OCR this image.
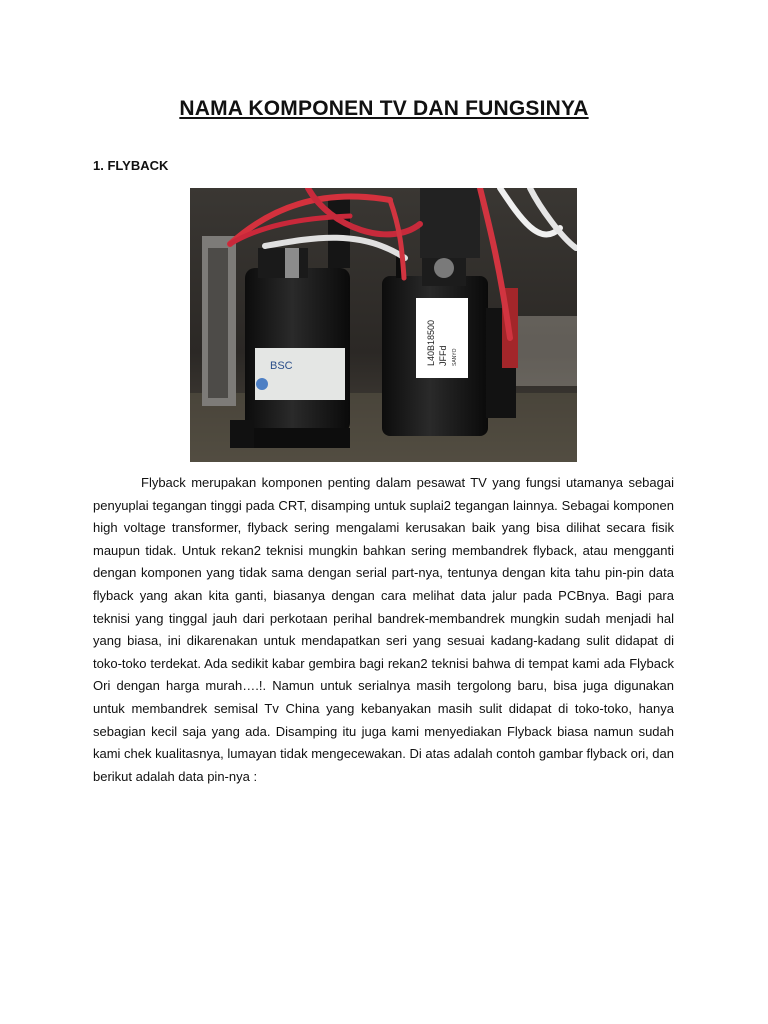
NAMA KOMPONEN TV DAN FUNGSINYA
1. FLYBACK
BSC	L40B18500 JFFd SANYO

Flyback merupakan komponen penting dalam pesawat TV yang fungsi utamanya sebagai penyuplai tegangan tinggi pada CRT, disamping untuk suplai2 tegangan lainnya. Sebagai komponen high voltage transformer, flyback sering mengalami kerusakan baik yang bisa dilihat secara fisik maupun tidak. Untuk rekan2 teknisi mungkin bahkan sering membandrek flyback, atau mengganti dengan komponen yang tidak sama dengan serial part-nya, tentunya dengan kita tahu pin-pin data flyback yang akan kita ganti, biasanya dengan cara melihat data jalur pada PCBnya. Bagi para teknisi yang tinggal jauh dari perkotaan perihal bandrek-membandrek mungkin sudah menjadi hal yang biasa, ini dikarenakan untuk mendapatkan seri yang sesuai kadang-kadang sulit didapat di toko-toko terdekat. Ada sedikit kabar gembira bagi rekan2 teknisi bahwa di tempat kami ada Flyback Ori dengan harga murah….!. Namun untuk serialnya masih tergolong baru, bisa juga digunakan untuk membandrek semisal Tv China yang kebanyakan masih sulit didapat di toko-toko, hanya sebagian kecil saja yang ada. Disamping itu juga kami menyediakan Flyback biasa namun sudah kami chek kualitasnya, lumayan tidak mengecewakan. Di atas adalah contoh gambar flyback ori, dan berikut adalah data pin-nya :
